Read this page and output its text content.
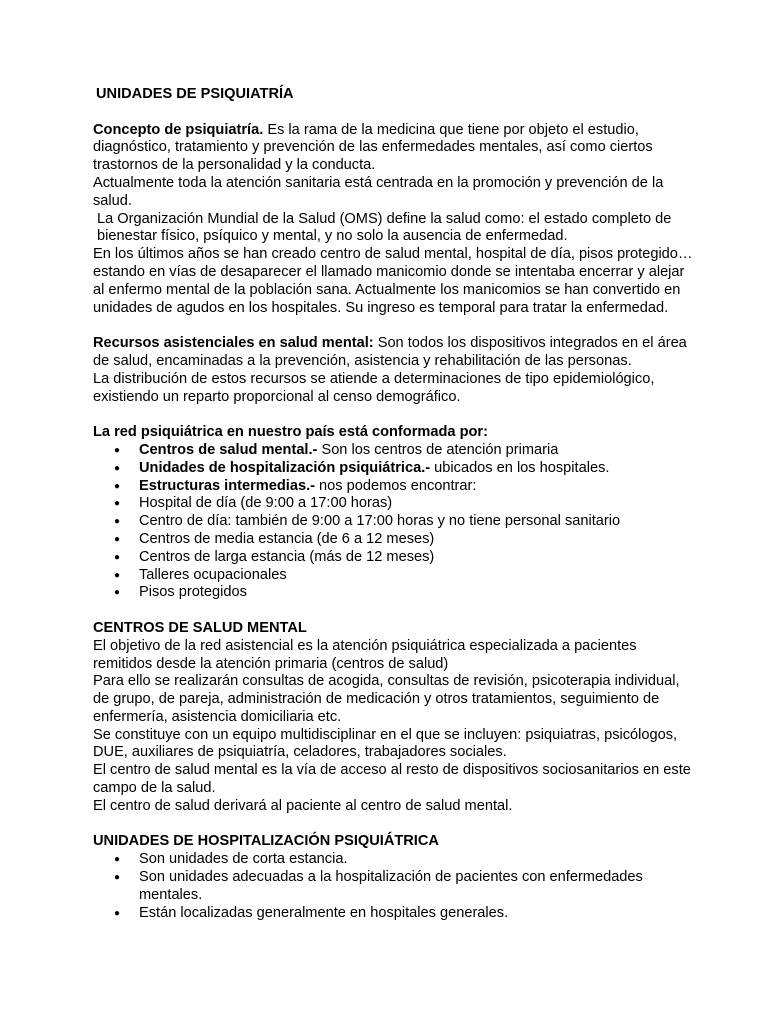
UNIDADES DE PSIQUIATRÍA

Concepto de psiquiatría. Es la rama de la medicina que tiene por objeto el estudio, diagnóstico, tratamiento y prevención de las enfermedades mentales, así como ciertos trastornos de la personalidad y la conducta.

Actualmente toda la atención sanitaria está centrada en la promoción y prevención de la salud.

La Organización Mundial de la Salud (OMS) define la salud como: el estado completo de bienestar físico, psíquico y mental, y no solo la ausencia de enfermedad.

En los últimos años se han creado centro de salud mental, hospital de día, pisos protegido… estando en vías de desaparecer el llamado manicomio donde se intentaba encerrar y alejar al enfermo mental de la población sana. Actualmente los manicomios se han convertido en unidades de agudos en los hospitales. Su ingreso es temporal para tratar la enfermedad.

Recursos asistenciales en salud mental: Son todos los dispositivos integrados en el área de salud, encaminadas a la prevención, asistencia y rehabilitación de las personas.

La distribución de estos recursos se atiende a determinaciones de tipo epidemiológico, existiendo un reparto proporcional al censo demográfico.

La red psiquiátrica en nuestro país está conformada por:

● Centros de salud mental.- Son los centros de atención primaria
● Unidades de hospitalización psiquiátrica.- ubicados en los hospitales.
● Estructuras intermedias.- nos podemos encontrar:
● Hospital de día (de 9:00 a 17:00 horas)
● Centro de día: también de 9:00 a 17:00 horas y no tiene personal sanitario
● Centros de media estancia (de 6 a 12 meses)
● Centros de larga estancia (más de 12 meses)
● Talleres ocupacionales
● Pisos protegidos

CENTROS DE SALUD MENTAL

El objetivo de la red asistencial es la atención psiquiátrica especializada a pacientes remitidos desde la atención primaria (centros de salud)

Para ello se realizarán consultas de acogida, consultas de revisión, psicoterapia individual, de grupo, de pareja, administración de medicación y otros tratamientos, seguimiento de enfermería, asistencia domiciliaria etc.

Se constituye con un equipo multidisciplinar en el que se incluyen: psiquiatras, psicólogos, DUE, auxiliares de psiquiatría, celadores, trabajadores sociales.

El centro de salud mental es la vía de acceso al resto de dispositivos sociosanitarios en este campo de la salud.

El centro de salud derivará al paciente al centro de salud mental.

UNIDADES DE HOSPITALIZACIÓN PSIQUIÁTRICA

● Son unidades de corta estancia.
● Son unidades adecuadas a la hospitalización de pacientes con enfermedades mentales.
● Están localizadas generalmente en hospitales generales.
